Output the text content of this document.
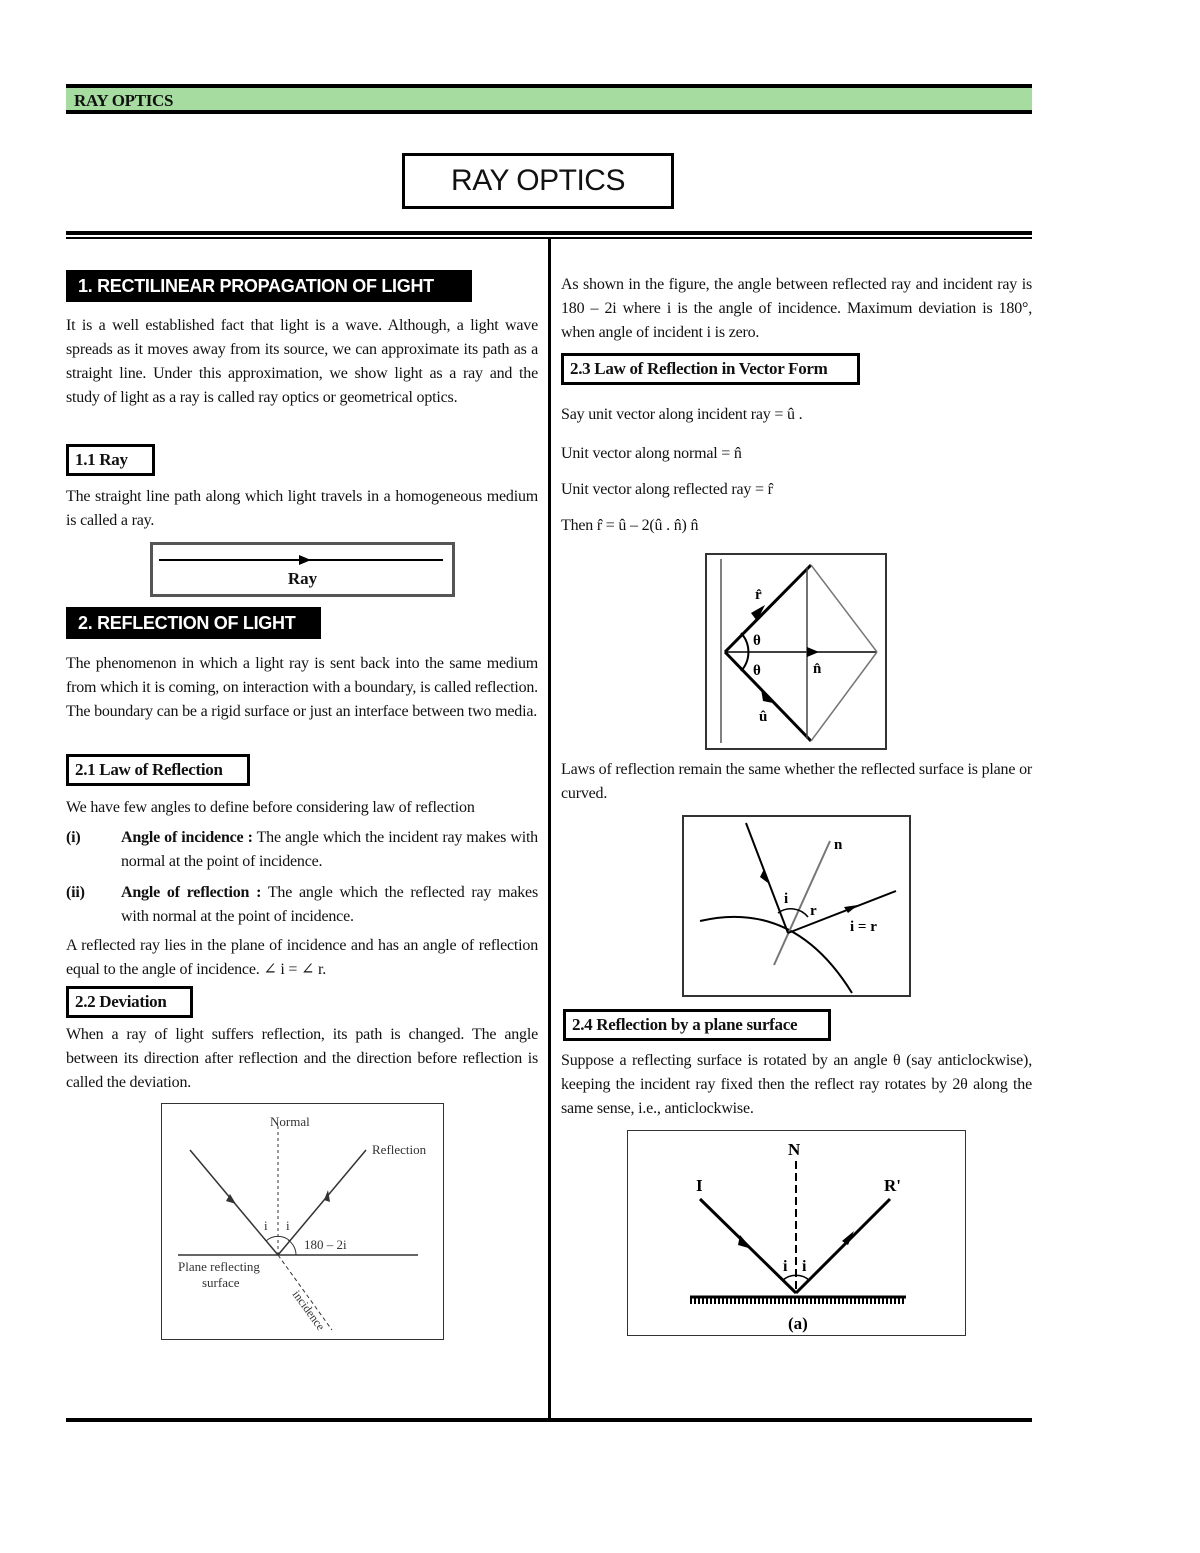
RAY OPTICS
RAY OPTICS
1. RECTILINEAR PROPAGATION OF LIGHT
It is a well established fact that light is a wave. Although, a light wave spreads as it moves away from its source, we can approximate its path as a straight line. Under this approximation, we show light as a ray and the study of light as a ray is called ray optics or geometrical optics.
1.1 Ray
The straight line path along which light travels in a homogeneous medium is called a ray.
Ray
2. REFLECTION OF LIGHT
The phenomenon in which a light ray is sent back into the same medium from which it is coming, on interaction with a boundary, is called reflection. The boundary can be a rigid surface or just an interface between two media.
2.1 Law of Reflection
We have few angles to define before considering law of reflection
(i)	Angle of incidence : The angle which the incident ray makes with normal at the point of incidence.
(ii) Angle of reflection : The angle which the reflected ray makes with normal at the point of incidence.
A reflected ray lies in the plane of incidence and has an angle of reflection equal to the angle of incidence. ∠ i = ∠ r.
2.2 Deviation
When a ray of light suffers reflection, its path is changed. The angle between its direction after reflection and the direction before reflection is called the deviation.
Normal
Reflection
i i
180 – 2i
Plane reflecting
surface
incidence
As shown in the figure, the angle between reflected ray and incident ray is 180 – 2i where i is the angle of incidence. Maximum deviation is 180°, when angle of incident i is zero.
2.3 Law of Reflection in Vector Form
Say unit vector along incident ray = û .
Unit vector along normal = n̂
Unit vector along reflected ray = r̂
Then r̂ = û – 2(û . n̂) n̂
r̂
θ
θ	n̂
û
Laws of reflection remain the same whether the reflected surface is plane or curved.
n
i
r
i = r
2.4 Reflection by a plane surface
Suppose a reflecting surface is rotated by an angle θ (say anticlockwise), keeping the incident ray fixed then the reflect ray rotates by 2θ along the same sense, i.e., anticlockwise.
N
I	R'
i i
(a)
